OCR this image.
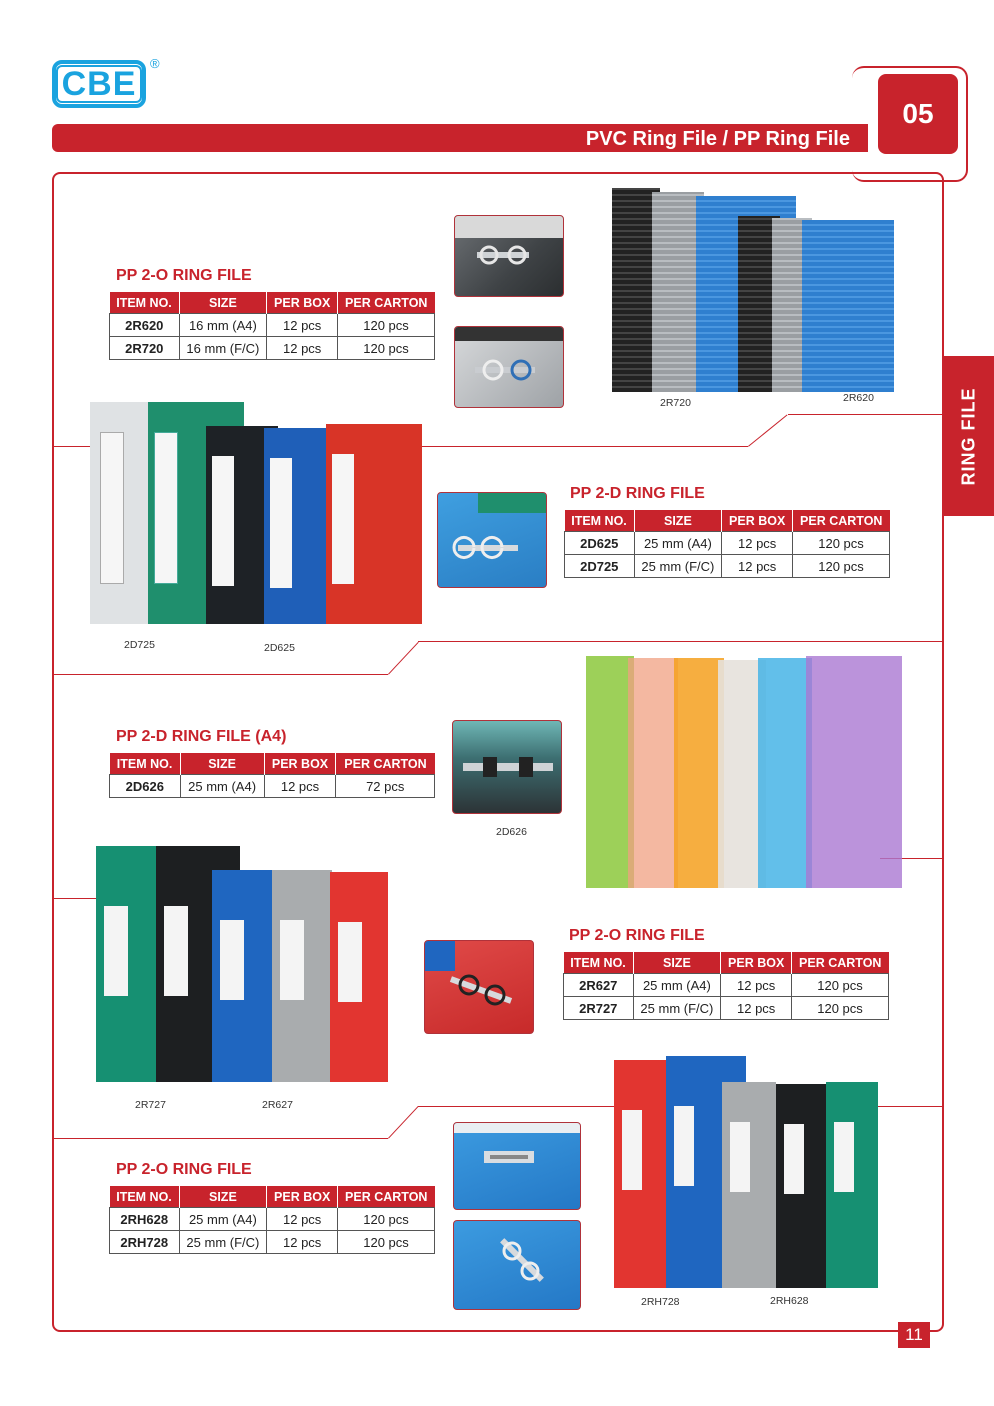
CBE
®
PVC Ring File / PP Ring File
05
RING FILE
11
PP 2-O RING FILE
ITEM NO.	SIZE	PER BOX	PER CARTON
2R620	16 mm (A4)	12 pcs	120 pcs
2R720	16 mm (F/C)	12 pcs	120 pcs
2R720	2R620
2D725	2D625
PP 2-D RING FILE
ITEM NO.	SIZE	PER BOX	PER CARTON
2D625	25 mm (A4)	12 pcs	120 pcs
2D725	25 mm (F/C)	12 pcs	120 pcs
PP 2-D RING FILE (A4)
ITEM NO.	SIZE	PER BOX	PER CARTON
2D626	25 mm (A4)	12 pcs	72 pcs
2D626
2R727	2R627
PP 2-O RING FILE
ITEM NO.	SIZE	PER BOX	PER CARTON
2R627	25 mm (A4)	12 pcs	120 pcs
2R727	25 mm (F/C)	12 pcs	120 pcs
PP 2-O RING FILE
ITEM NO.	SIZE	PER BOX	PER CARTON
2RH628	25 mm (A4)	12 pcs	120 pcs
2RH728	25 mm (F/C)	12 pcs	120 pcs
2RH728	2RH628
